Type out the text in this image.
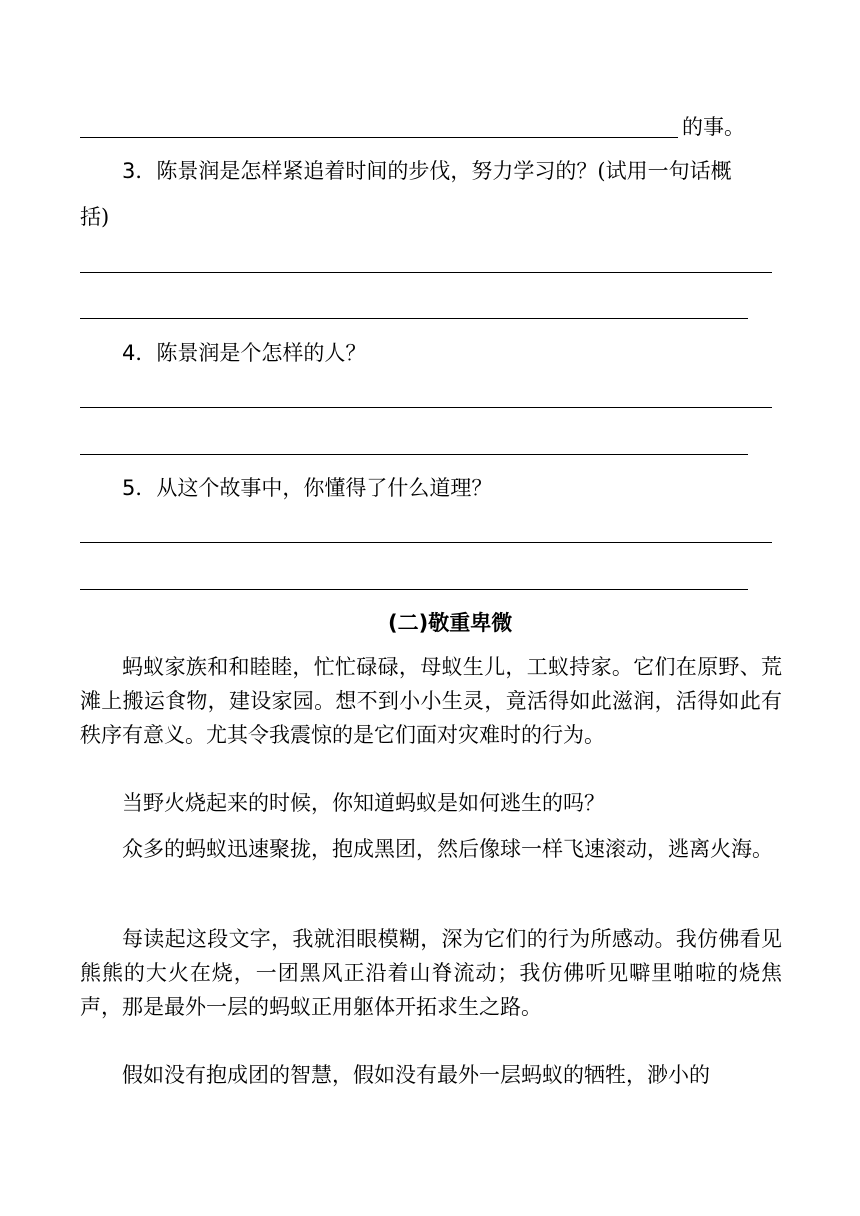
的事。
3．陈景润是怎样紧追着时间的步伐，努力学习的？(试用一句话概
括)
4．陈景润是个怎样的人？
5．从这个故事中，你懂得了什么道理？
(二)敬重卑微
蚂蚁家族和和睦睦，忙忙碌碌，母蚁生儿，工蚁持家。它们在原野、荒滩上搬运食物，建设家园。想不到小小生灵，竟活得如此滋润，活得如此有秩序有意义。尤其令我震惊的是它们面对灾难时的行为。
当野火烧起来的时候，你知道蚂蚁是如何逃生的吗？
众多的蚂蚁迅速聚拢，抱成黑团，然后像球一样飞速滚动，逃离火海。
每读起这段文字，我就泪眼模糊，深为它们的行为所感动。我仿佛看见熊熊的大火在烧，一团黑风正沿着山脊流动；我仿佛听见噼里啪啦的烧焦声，那是最外一层的蚂蚁正用躯体开拓求生之路。
假如没有抱成团的智慧，假如没有最外一层蚂蚁的牺牲，渺小的
